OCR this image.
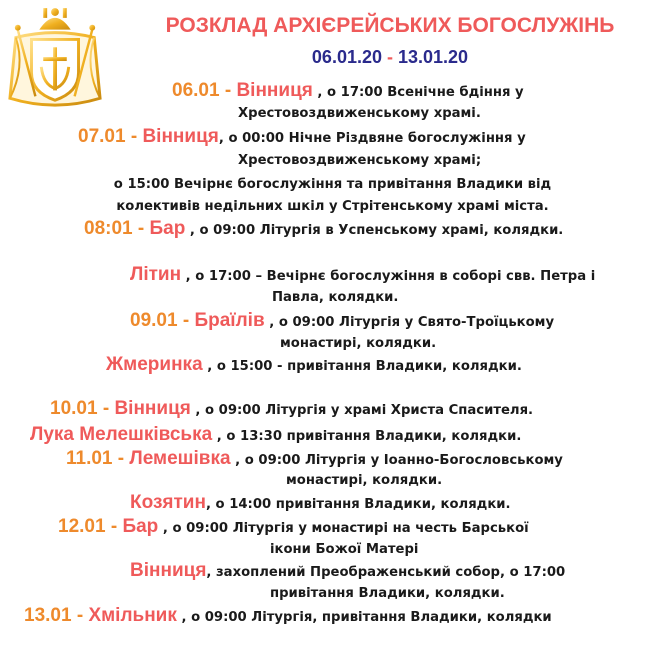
РОЗКЛАД АРХІЄРЕЙСЬКИХ БОГОСЛУЖІНЬ
06.01.20 - 13.01.20
06.01 - Вінниця , о 17:00 Всенічне бдіння у
Хрестовоздвиженському храмі.
07.01 - Вінниця, о 00:00 Нічне Різдвяне богослужіння у
Хрестовоздвиженському храмі;
о 15:00 Вечірнє богослужіння та привітання Владики від
колективів недільних шкіл у Стрітенському храмі міста.
08:01 - Бар , о 09:00 Літургія в Успенському храмі, колядки.
Літин , о 17:00 – Вечірнє богослужіння в соборі свв. Петра і
Павла, колядки.
09.01 - Браїлів , о 09:00 Літургія у Свято-Троїцькому
монастирі, колядки.
Жмеринка , о 15:00 - привітання Владики, колядки.
10.01 - Вінниця , о 09:00 Літургія у храмі Христа Спасителя.
Лука Мелешківська , о 13:30 привітання Владики, колядки.
11.01 - Лемешівка , о 09:00 Літургія у Іоанно-Богословському
монастирі, колядки.
Козятин, о 14:00 привітання Владики, колядки.
12.01 - Бар , о 09:00 Літургія у монастирі на честь Барської
ікони Божої Матері
Вінниця, захоплений Преображенський собор, о 17:00
привітання Владики, колядки.
13.01 - Хмільник , о 09:00 Літургія, привітання Владики, колядки
